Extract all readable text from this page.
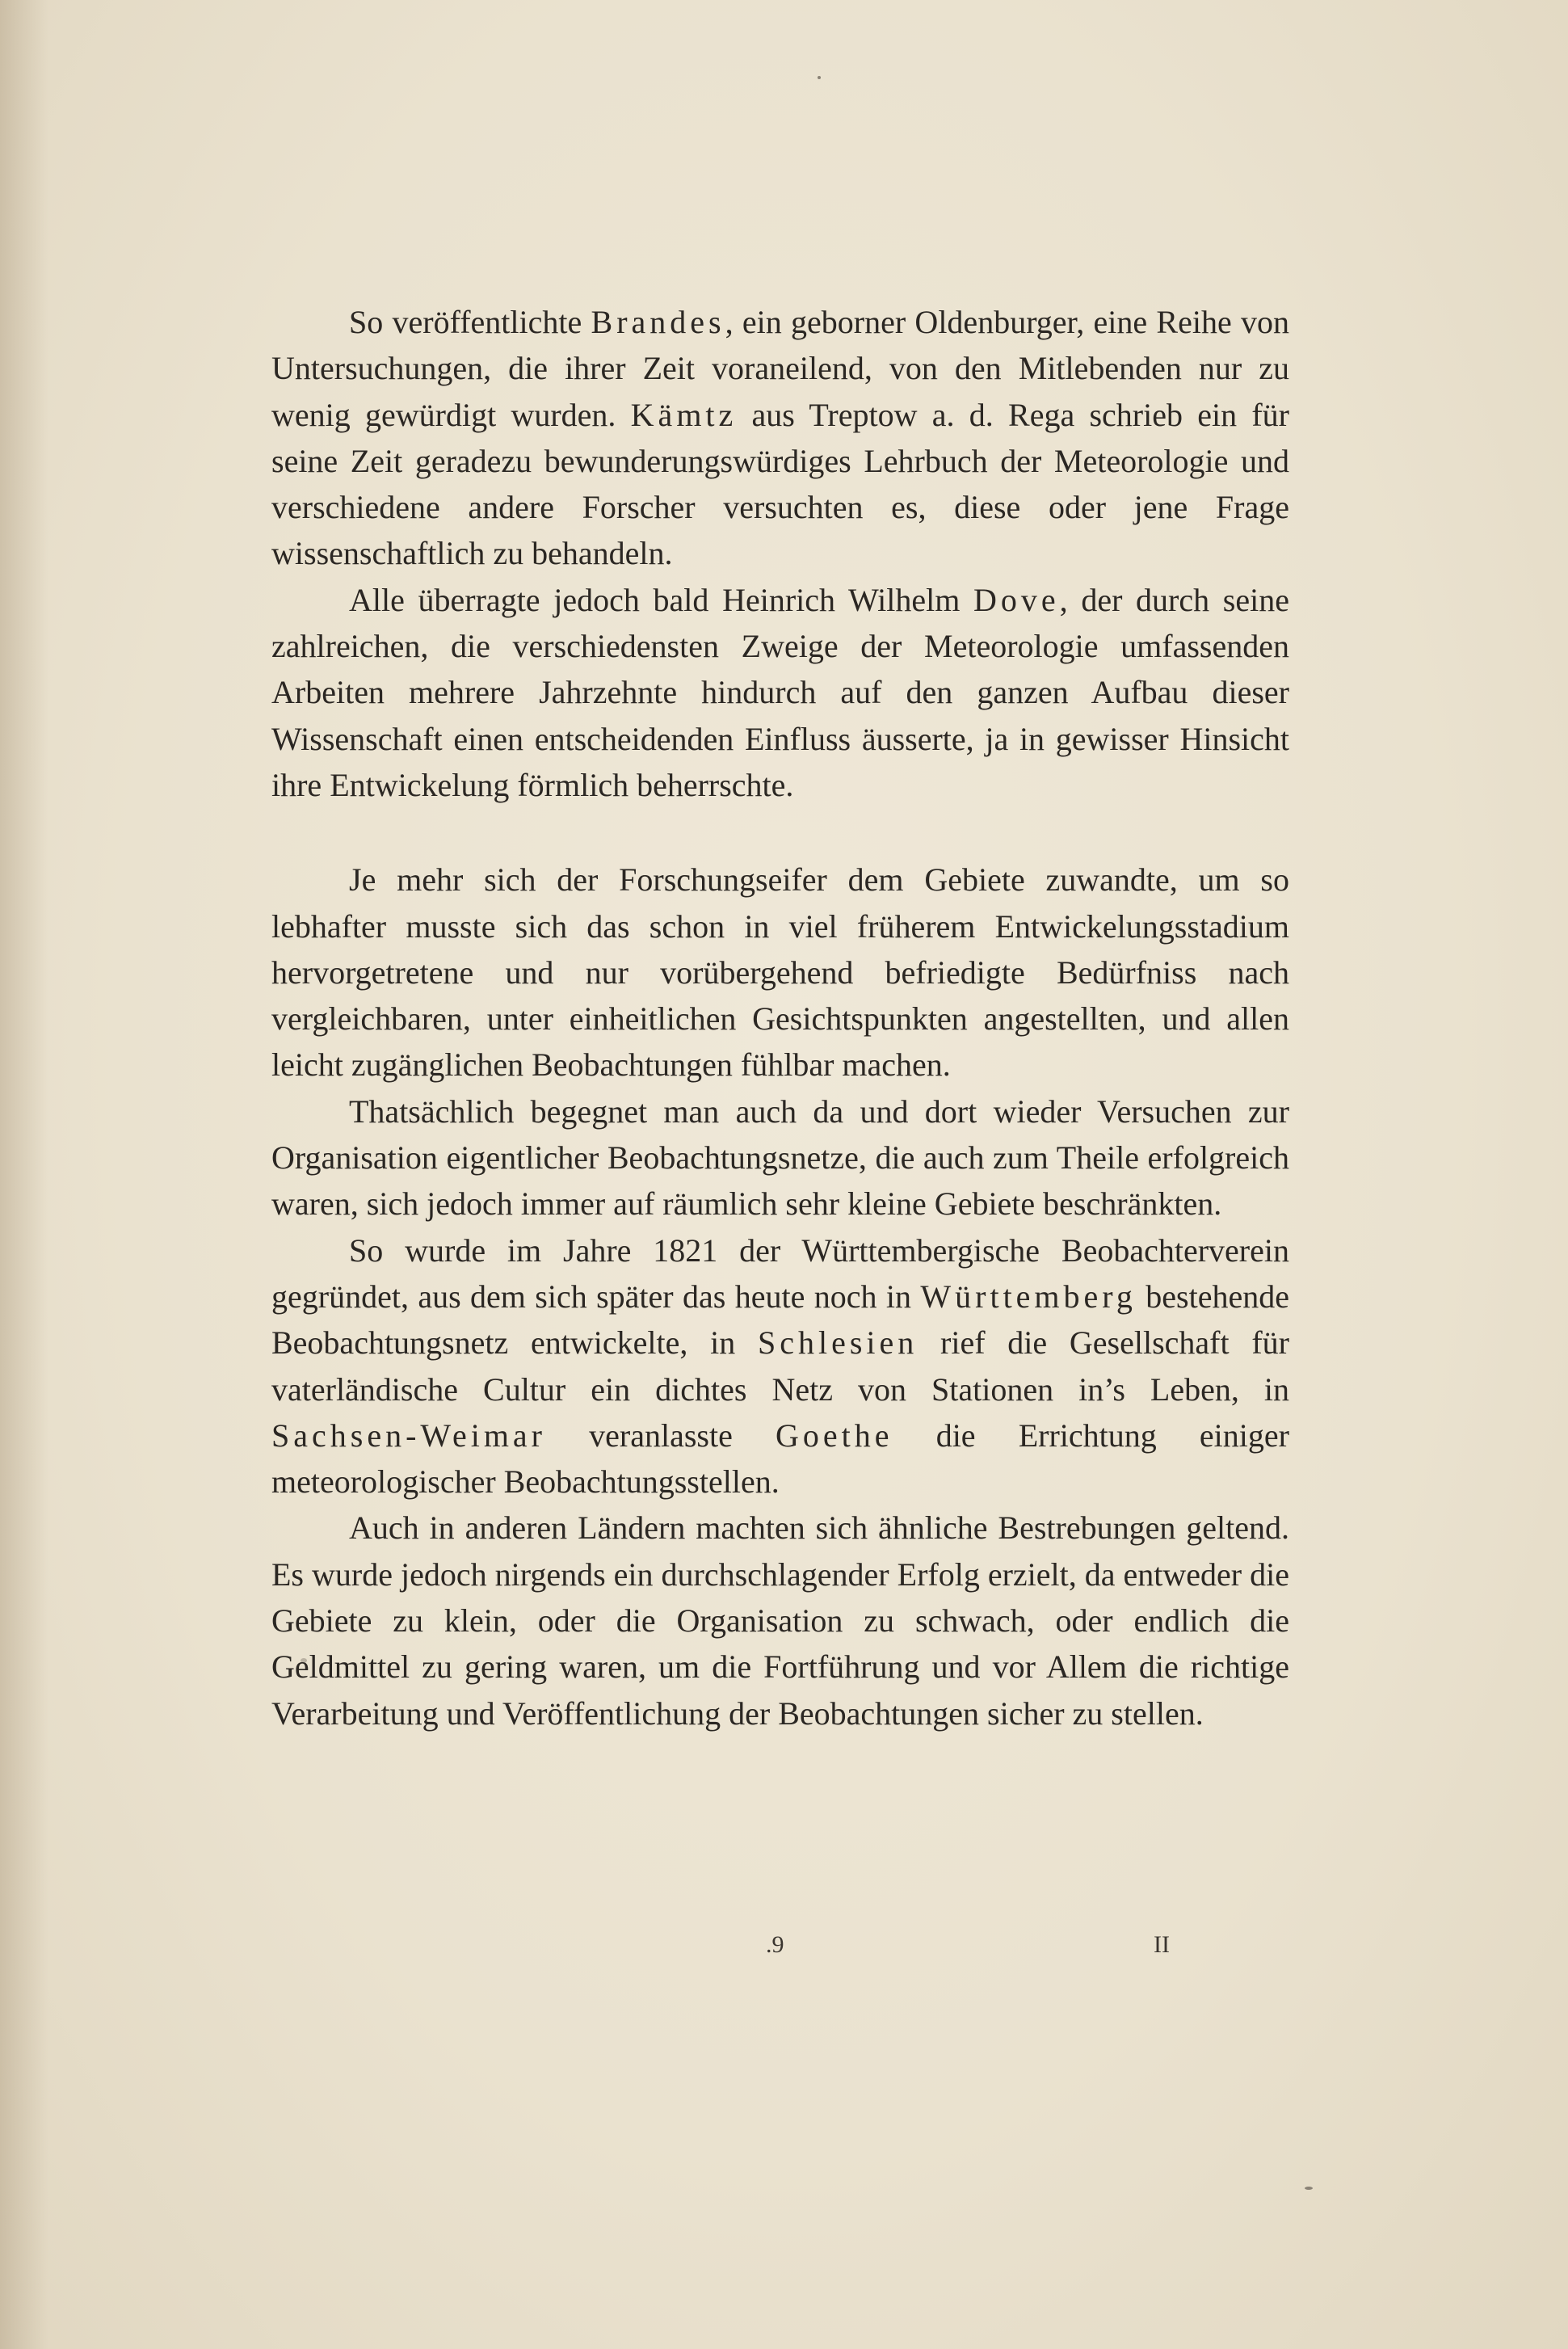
So veröffentlichte Brandes, ein geborner Oldenburger, eine Reihe von Untersuchungen, die ihrer Zeit voraneilend, von den Mitlebenden nur zu wenig gewürdigt wurden. Kämtz aus Treptow a. d. Rega schrieb ein für seine Zeit geradezu bewunderungswürdiges Lehrbuch der Meteorologie und verschiedene andere Forscher versuchten es, diese oder jene Frage wissenschaftlich zu behandeln.

Alle überragte jedoch bald Heinrich Wilhelm Dove, der durch seine zahlreichen, die verschiedensten Zweige der Meteorologie umfassenden Arbeiten mehrere Jahrzehnte hindurch auf den ganzen Aufbau dieser Wissenschaft einen entscheidenden Einfluss äusserte, ja in gewisser Hinsicht ihre Entwickelung förmlich beherrschte.

Je mehr sich der Forschungseifer dem Gebiete zuwandte, um so lebhafter musste sich das schon in viel früherem Entwickelungsstadium hervorgetretene und nur vorübergehend befriedigte Bedürfniss nach vergleichbaren, unter einheitlichen Gesichtspunkten angestellten, und allen leicht zugänglichen Beobachtungen fühlbar machen.

Thatsächlich begegnet man auch da und dort wieder Versuchen zur Organisation eigentlicher Beobachtungsnetze, die auch zum Theile erfolgreich waren, sich jedoch immer auf räumlich sehr kleine Gebiete beschränkten.

So wurde im Jahre 1821 der Württembergische Beobachterverein gegründet, aus dem sich später das heute noch in Württemberg bestehende Beobachtungsnetz entwickelte, in Schlesien rief die Gesellschaft für vaterländische Cultur ein dichtes Netz von Stationen in’s Leben, in Sachsen-Weimar veranlasste Goethe die Errichtung einiger meteorologischer Beobachtungsstellen.

Auch in anderen Ländern machten sich ähnliche Bestrebungen geltend. Es wurde jedoch nirgends ein durchschlagender Erfolg erzielt, da entweder die Gebiete zu klein, oder die Organisation zu schwach, oder endlich die Geldmittel zu gering waren, um die Fortführung und vor Allem die richtige Verarbeitung und Veröffentlichung der Beobachtungen sicher zu stellen.

.9	II
